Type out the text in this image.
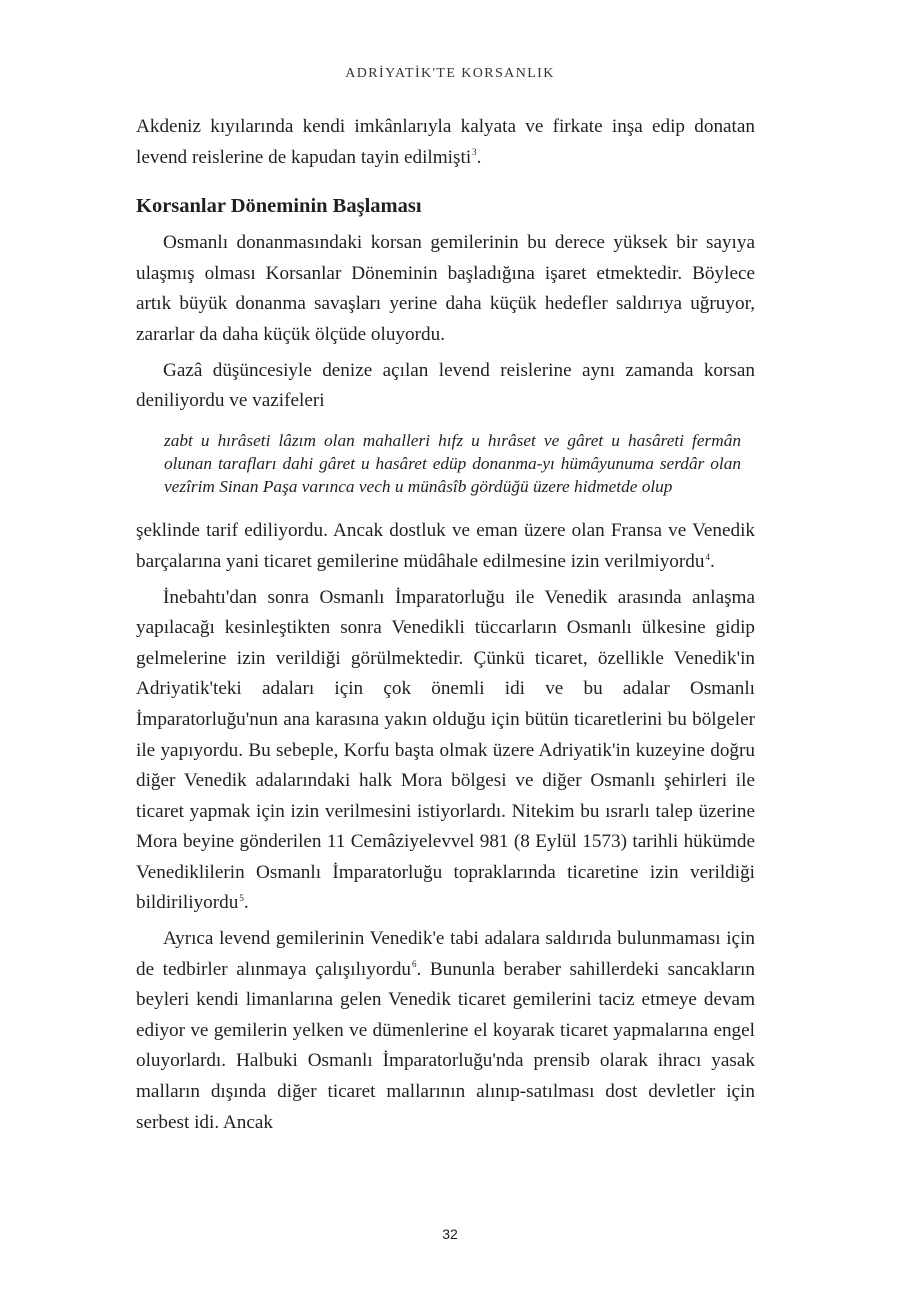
ADRİYATİK'TE KORSANLIK

Akdeniz kıyılarında kendi imkânlarıyla kalyata ve firkate inşa edip donatan levend reislerine de kapudan tayin edilmişti$^3$.

Korsanlar Döneminin Başlaması

Osmanlı donanmasındaki korsan gemilerinin bu derece yüksek bir sayıya ulaşmış olması Korsanlar Döneminin başladığına işaret etmektedir. Böylece artık büyük donanma savaşları yerine daha küçük hedefler saldırıya uğruyor, zararlar da daha küçük ölçüde oluyordu.

Gazâ düşüncesiyle denize açılan levend reislerine aynı zamanda korsan deniliyordu ve vazifeleri

zabt u hırâseti lâzım olan mahalleri hıfz u hırâset ve gâret u hasâreti fermân olunan tarafları dahi gâret u hasâret edüp donanma-yı hümâyunuma serdâr olan vezîrim Sinan Paşa varınca vech u münâsîb gördüğü üzere hidmetde olup

şeklinde tarif ediliyordu. Ancak dostluk ve eman üzere olan Fransa ve Venedik barçalarına yani ticaret gemilerine müdâhale edilmesine izin verilmiyordu$^4$.

İnebahtı'dan sonra Osmanlı İmparatorluğu ile Venedik arasında anlaşma yapılacağı kesinleştikten sonra Venedikli tüccarların Osmanlı ülkesine gidip gelmelerine izin verildiği görülmektedir. Çünkü ticaret, özellikle Venedik'in Adriyatik'teki adaları için çok önemli idi ve bu adalar Osmanlı İmparatorluğu'nun ana karasına yakın olduğu için bütün ticaretlerini bu bölgeler ile yapıyordu. Bu sebeple, Korfu başta olmak üzere Adriyatik'in kuzeyine doğru diğer Venedik adalarındaki halk Mora bölgesi ve diğer Osmanlı şehirleri ile ticaret yapmak için izin verilmesini istiyorlardı. Nitekim bu ısrarlı talep üzerine Mora beyine gönderilen 11 Cemâziyelevvel 981 (8 Eylül 1573) tarihli hükümde Venediklilerin Osmanlı İmparatorluğu topraklarında ticaretine izin verildiği bildiriliyordu$^5$.

Ayrıca levend gemilerinin Venedik'e tabi adalara saldırıda bulunmaması için de tedbirler alınmaya çalışılıyordu$^6$. Bununla beraber sahillerdeki sancakların beyleri kendi limanlarına gelen Venedik ticaret gemilerini taciz etmeye devam ediyor ve gemilerin yelken ve dümenlerine el koyarak ticaret yapmalarına engel oluyorlardı. Halbuki Osmanlı İmparatorluğu'nda prensib olarak ihracı yasak malların dışında diğer ticaret mallarının alınıp-satılması dost devletler için serbest idi. Ancak

32
